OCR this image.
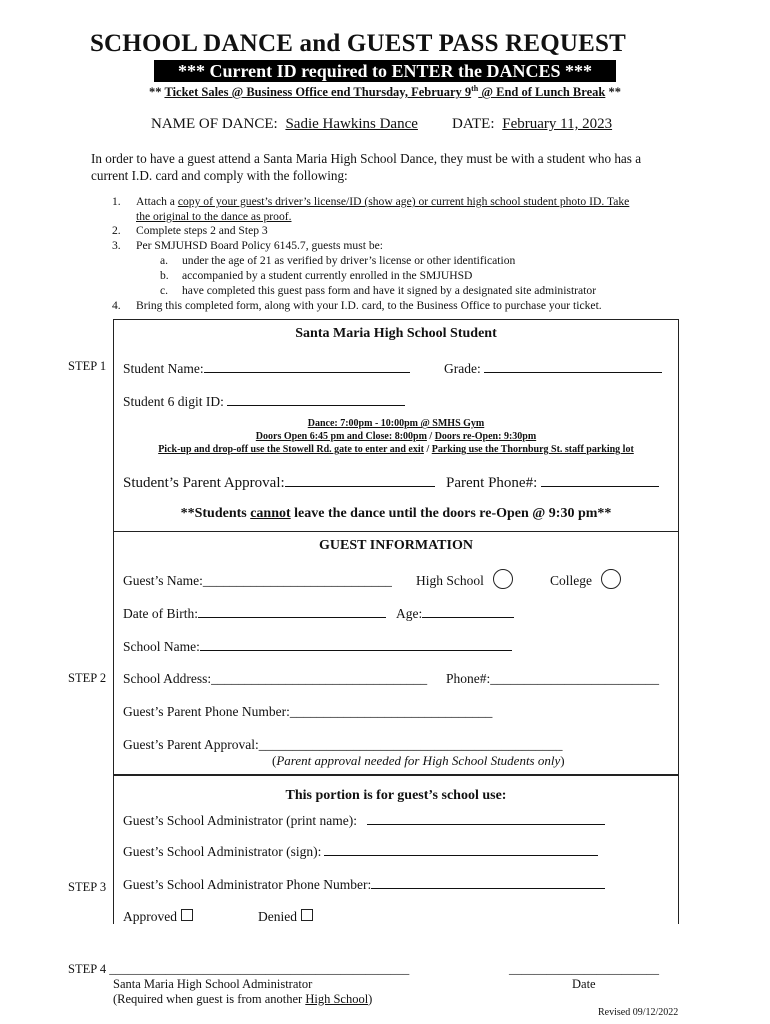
SCHOOL DANCE and GUEST PASS REQUEST
*** Current ID required to ENTER the DANCES ***
** Ticket Sales @ Business Office end Thursday, February 9th @ End of Lunch Break **
NAME OF DANCE: Sadie Hawkins Dance DATE: February 11, 2023
In order to have a guest attend a Santa Maria High School Dance, they must be with a student who has a current I.D. card and comply with the following:
1. Attach a copy of your guest’s driver’s license/ID (show age) or current high school student photo ID. Take
the original to the dance as proof.
2. Complete steps 2 and Step 3
3. Per SMJUHSD Board Policy 6145.7, guests must be:
a. under the age of 21 as verified by driver’s license or other identification
b. accompanied by a student currently enrolled in the SMJUHSD
c. have completed this guest pass form and have it signed by a designated site administrator
4. Bring this completed form, along with your I.D. card, to the Business Office to purchase your ticket.
STEP 1
STEP 2
STEP 3
Santa Maria High School Student
Student Name:	Grade:
Student 6 digit ID:
Dance: 7:00pm - 10:00pm @ SMHS Gym
Doors Open 6:45 pm and Close: 8:00pm / Doors re-Open: 9:30pm
Pick-up and drop-off use the Stowell Rd. gate to enter and exit / Parking use the Thornburg St. staff parking lot
Student’s Parent Approval:	Parent Phone#:
**Students cannot leave the dance until the doors re-Open @ 9:30 pm**
GUEST INFORMATION
Guest’s Name:____________________________ High School	College
Date of Birth:	Age:
School Name:
School Address:________________________________ Phone#:_________________________
Guest’s Parent Phone Number:______________________________
Guest’s Parent Approval:_____________________________________________
(Parent approval needed for High School Students only)
This portion is for guest’s school use:
Guest’s School Administrator (print name):
Guest’s School Administrator (sign):
Guest’s School Administrator Phone Number:
Approved	Denied
STEP 4 ________________________________________________	________________________
Santa Maria High School Administrator	Date
(Required when guest is from another High School)
Revised 09/12/2022
